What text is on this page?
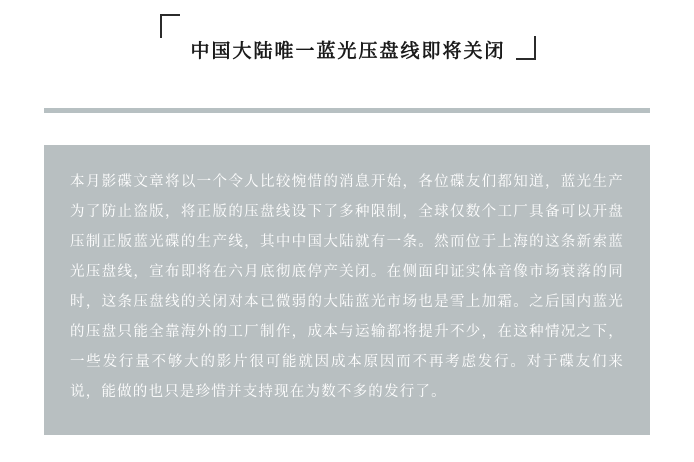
中国大陆唯一蓝光压盘线即将关闭

本月影碟文章将以一个令人比较惋惜的消息开始，各位碟友们都知道，蓝光生产为了防止盗版，将正版的压盘线设下了多种限制，全球仅数个工厂具备可以开盘压制正版蓝光碟的生产线，其中中国大陆就有一条。然而位于上海的这条新索蓝光压盘线，宣布即将在六月底彻底停产关闭。在侧面印证实体音像市场衰落的同时，这条压盘线的关闭对本已微弱的大陆蓝光市场也是雪上加霜。之后国内蓝光的压盘只能全靠海外的工厂制作，成本与运输都将提升不少，在这种情况之下，一些发行量不够大的影片很可能就因成本原因而不再考虑发行。对于碟友们来说，能做的也只是珍惜并支持现在为数不多的发行了。
